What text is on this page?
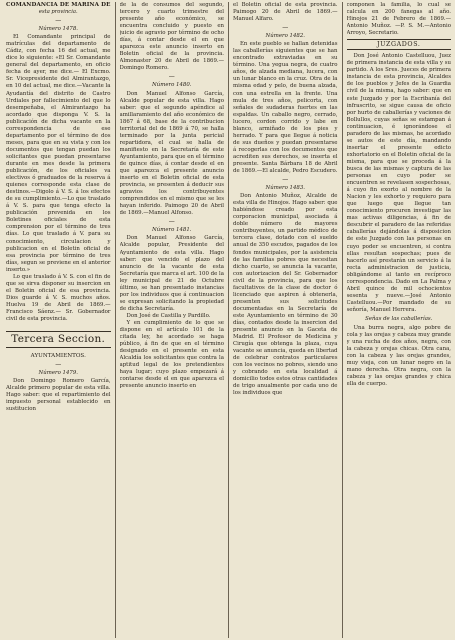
COMANDANCIA DE MARINA DE
esta provincia.
—
Número 1478.

El Comandante principal de matrículas del departamento de Cádiz, con fecha 16 del actual, me dice lo siguiente: «El Sr. Comandante general del departamento, en oficio fecha de ayer, me dice.— El Excmo. Sr. Vicepresidente del Almirantazgo, en 10 del actual, me dice.—Vacante la Ayudantía del distrito de Castro Urdiales por fallecimiento del que lo desempeñaba, el Almirantazgo ha acordado que disponga V. S. la publicación de dicha vacante en la correspondencia de ese departamento por el término de dos meses, para que en su vista y con los documentos que tengan puedan los solicitantes que puedan presentarse durante en mes desde la primera publicación, de los oficiales va electivos ó graduados de la reserva á quienes corresponde esta clase de destinos.—Digolo á V. S. á los efectos de su cumplimiento.—Lo que traslado á V. S. para que tenga efecto la publicación prevenida en los Boletines oficiales de esta comprension por el término de tres días. Lo que traslado á V. para su conocimiento, circulacion y publicacion en el Boletin oficial de esa provincia por término de tres días, segun se previene en el anterior inserto.»

Lo que traslado á V. S. con el fin de que se sirva disponer su insercion en el Boletin oficial de esa provincia. Dios guarde á V. S. muchos años. Huelva 19 de Abril de 1869.—Francisco Sáenz.— Sr. Gobernador civil de esta provincia.

Tercera Seccion.
AYUNTAMIENTOS.
—
Número 1479.

Don Domingo Romero García, Alcalde primero popular de esta villa. Hago saber: que el repartimiento del impuesto personal establecido en sustitucion

de la de consumos del segundo, tercero y cuarto trimestre del presente año económico, se encuentra concluido y puesto en juicio de agravio por término de ocho días, á contar desde el en que aparezca este anuncio inserto en Boletin oficial de la provincia. Almonaster 20 de Abril de 1869.—Domingo Romero.

—
Número 1480.

Don Manuel Alfonso García, Alcalde popular de esta villa. Hago saber: que el segundo apéndice al amillaramiento del año económico de 1867 á 68, base de la contribucion territorial del de 1869 á 70, se halla terminado por la junta pericial repartidora, el cual se halla de manifiesto en la Secretaría de este Ayuntamiento, para que en el término de quince días, á contar desde el en que aparezca el presente anuncio inserto en el Boletin oficial de esta provincia, se presenten á deducir sus agravios los contribuyentes comprendidos en el mismo que se les hayan inferido. Paimogo 20 de Abril de 1869.—Manuel Alfonso.

—
Número 1481.

Don Manuel Alfonso García, Alcalde popular, Presidente del Ayuntamiento de esta villa. Hago saber: que vencido el plazo del anuncio de la vacante de esta Secretaría que marca el art. 100 de la ley municipal de 21 de Octubre último, se han presentado instancias por los individuos que á continuacion se expresan solicitando la propiedad de dicha Secretaría.

Don José de Castilla y Pardillo.

Y en cumplimiento de lo que se dispone en el artículo 101 de la citada ley, he acordado se haga público, á fin de que en el término designado en el presente en esta Alcaldía los solicitantes que contra la aptitud legal de los pretendientes haya lugar; cuyo plazo empezará á contarse desde el en que aparezca el presente anuncio inserto en

el Boletin oficial de esta provincia. Paimogo 20 de Abril de 1869.—Manuel Alfaro.

—
Número 1482.

En este pueblo se hallan detenidas las caballerías siguientes que se han encontrado extraviadas en su término. Una yegua negra, de cuatro años, de alzada mediana, lucera, con un lunar blanco en la cruz. Otra de la misma edad y pelo, de buena alzada, con una estrella en la frente. Una mula de tres años, pelicorta, con señales de sudaderas fuertes en las espaldas. Un caballo negro, cerrado, lucero, cordon corrido y labe en blanco, armiñado de los pies y herrado. Y para que llegue á noticia de sus dueños y puedan presentarse á recogerlas con los documentos que acrediten sus derechos, se inserta el presente. Santa Bárbara 18 de Abril de 1869.—El alcalde, Pedro Escudero.

—
Número 1483.

Don Antonio Muñoz, Alcalde de esta villa de Hinojos. Hago saber: que habiéndose creado por esta corporacion municipal, asociada á doble número de mayores contribuyentes, un partido médico de tercera clase, dotado con el sueldo anual de 350 escudos, pagados de los fondos municipales, por la asistencia de las familias pobres que necesitan dicho cuarto, se anuncia la vacante, con autorizacion del Sr. Gobernador civil de la provincia, para que los facultativos de la clase de doctor ó licenciado que aspiren á obtenerla, presenten sus solicitudes documentadas en la Secretaría de este Ayuntamiento en término de 30 días, contados desde la insercion del presente anuncio en la Gaceta de Madrid. El Profesor de Medicina y Cirugía que obtenga la plaza, cuya vacante se anuncia, queda en libertad de celebrar contratos particulares con los vecinos no pobres, siendo uno y cobrando en esta localidad á domicilio todos estos otras cantidades de trigo anualmente por cada uno de los individuos que

componen la familia, lo cual se calcula en 200 fanegas al año. Hinojos 21 de Febrero de 1869.—Antonio Muñoz. —P. S. M.—Antonio Arroyo, Secretario.

JUZGADOS.

Don José Antonio Castelluou, Juez de primera instancia de esta villa y su partido. A los Sres. Jueces de primera instancia de esta provincia, Alcaldes de los pueblos y Jefes de la Guardia civil de la misma, hago saber: que en este Juzgado y por la Escribanía del infrascrito, se sigue causa de oficio por hurto de caballerías y vaciones de Bollullos, cuyas señas se estampan á continuacion, é ignorándose el paradero de las mismas, he acordado se autos de este día, mandando insertar el presente edicto exhortatorio en el Boletin oficial de la misma, para que se proceda á la busca de las mismas y captura de las personas en cuyo poder se encuentren se revelasen sospechosas, á cuyo fin exorto al nombre de la Nacion y les exhorto y requiero para que luego que llegue tan conocimiento procuren investigar las mas activas diligencias, á fin de descubrir el paradero de las referidas caballerías dejándolas á disposicion de este Juzgado con las personas en cuyo poder se encuentren, si contra ellas resultan sospechas; pues de hacerlo así prestarán un servicio á la recta administracion de justicia, obligándome al tanto en recíproco correspondencia. Dado en La Palma y Abril quince de mil ochocientos sesenta y nueve.—José Antonio Castelluou.—Por mandado de su señoría, Manuel Herrera.

Señas de las caballerías.

Una burra negra, algo pobre de cola y las orejas y cabeza muy grande y una rucha de dos años, negra, con la cabeza y orejas chicas. Otra cana, con la cabeza y las orejas grandes, muy vieja, con un lunar negro en la mano derecha. Otra negra, con la cabeza y las orejas grandes y chica ella de cuerpo.
